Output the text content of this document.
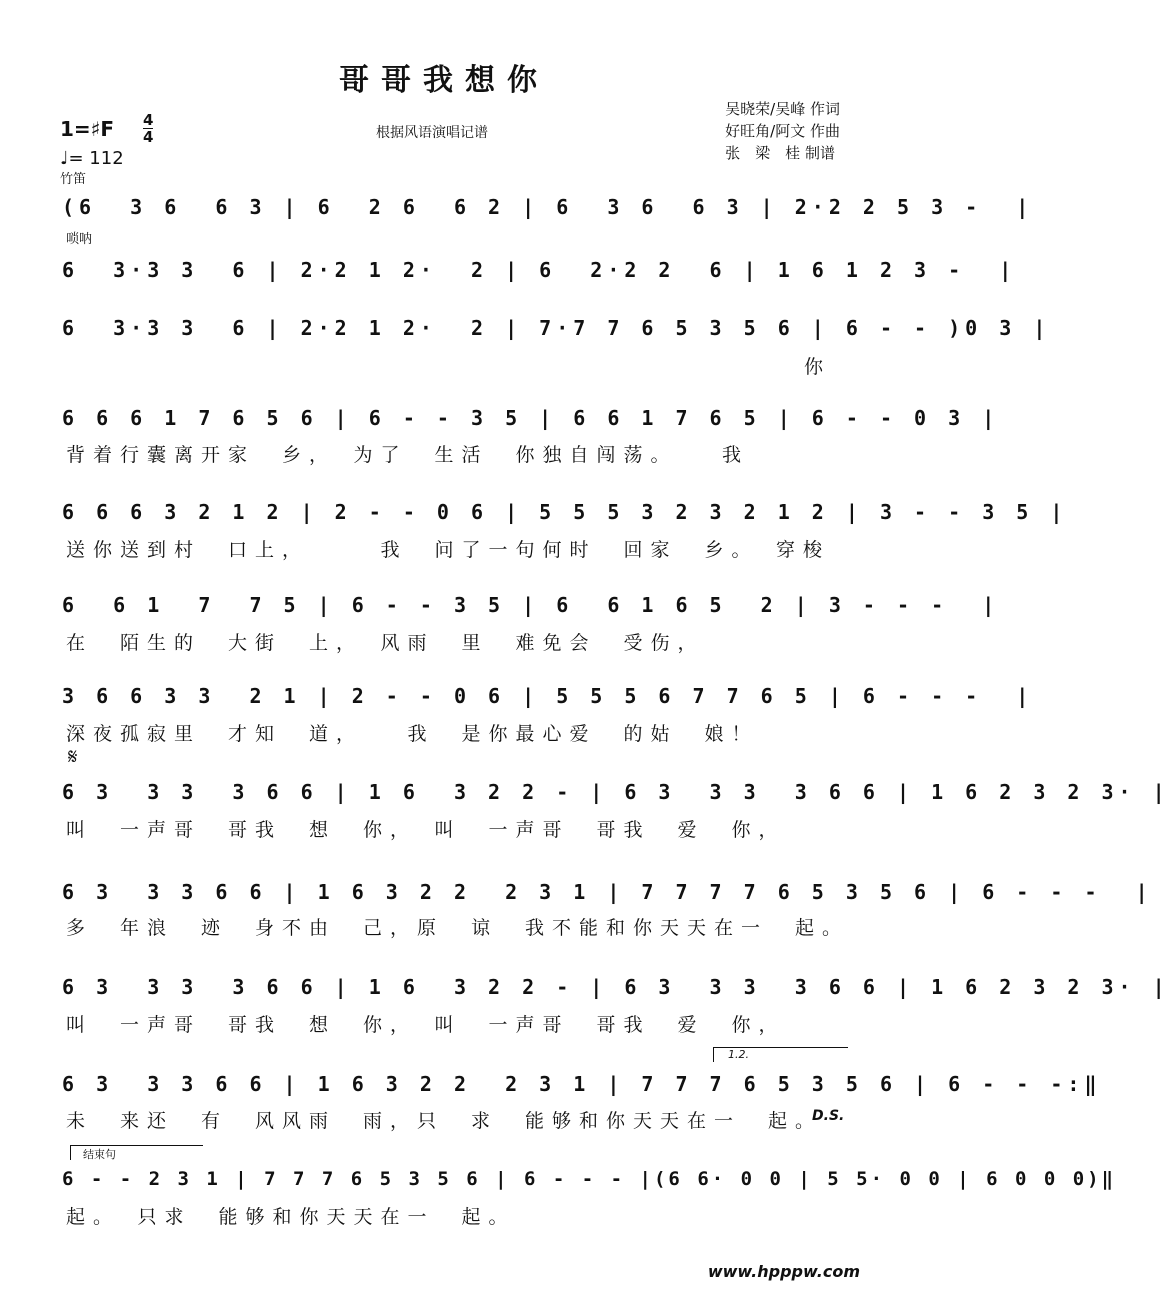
哥哥我想你
根据风语演唱记谱
吴晓荣/吴峰 作词
好旺角/阿文 作曲
张　梁　桂 制谱
1=♯F 4
4
♩= 112
竹笛
唢呐
(6  3 6  6 3 | 6  2 6  6 2 | 6  3 6  6 3 | 2·2 2 5 3 -  |
6  3·3 3  6 | 2·2 1 2·  2 | 6  2·2 2  6 | 1 6 1 2 3 -  |
6  3·3 3  6 | 2·2 1 2·  2 | 7·7 7 6 5 3 5 6 | 6 - - )0 3 |
你
6 6 6 1 7 6 5 6 | 6 - - 3 5 | 6 6 1 7 6 5 | 6 - - 0 3 |
背着行囊离开家　乡，　为了　生活　你独自闯荡。　　我
6 6 6 3 2 1 2 | 2 - - 0 6 | 5 5 5 3 2 3 2 1 2 | 3 - - 3 5 |
送你送到村　口上，　　　我　问了一句何时　回家　乡。　穿梭
6  6 1  7  7 5 | 6 - - 3 5 | 6  6 1 6 5  2 | 3 - - -  |
在　陌生的　大街　上，　风雨　里　难免会　受伤，
3 6 6 3 3  2 1 | 2 - - 0 6 | 5 5 5 6 7 7 6 5 | 6 - - -  |
深夜孤寂里　才知　道，　　我　是你最心爱　的姑　娘！
𝄋
6 3  3 3  3 6 6 | 1 6  3 2 2 - | 6 3  3 3  3 6 6 | 1 6 2 3 2 3· |
叫　一声哥　哥我　想　你，　叫　一声哥　哥我　爱　你，
6 3  3 3 6 6 | 1 6 3 2 2  2 3 1 | 7 7 7 7 6 5 3 5 6 | 6 - - -  |
多　年浪　迹　身不由　己，原　谅　我不能和你天天在一　起。
6 3  3 3  3 6 6 | 1 6  3 2 2 - | 6 3  3 3  3 6 6 | 1 6 2 3 2 3· |
叫　一声哥　哥我　想　你，　叫　一声哥　哥我　爱　你，
1.2.
6 3  3 3 6 6 | 1 6 3 2 2  2 3 1 | 7 7 7 6 5 3 5 6 | 6 - - -:‖
未　来还　有　风风雨　雨，只　求　能够和你天天在一　起。
D.S.
结束句
6 - - 2 3 1 | 7 7 7 6 5 3 5 6 | 6 - - - |(6 6· 0 0 | 5 5· 0 0 | 6 0 0 0)‖
起。　只求　能够和你天天在一　起。
www.hpppw.com
